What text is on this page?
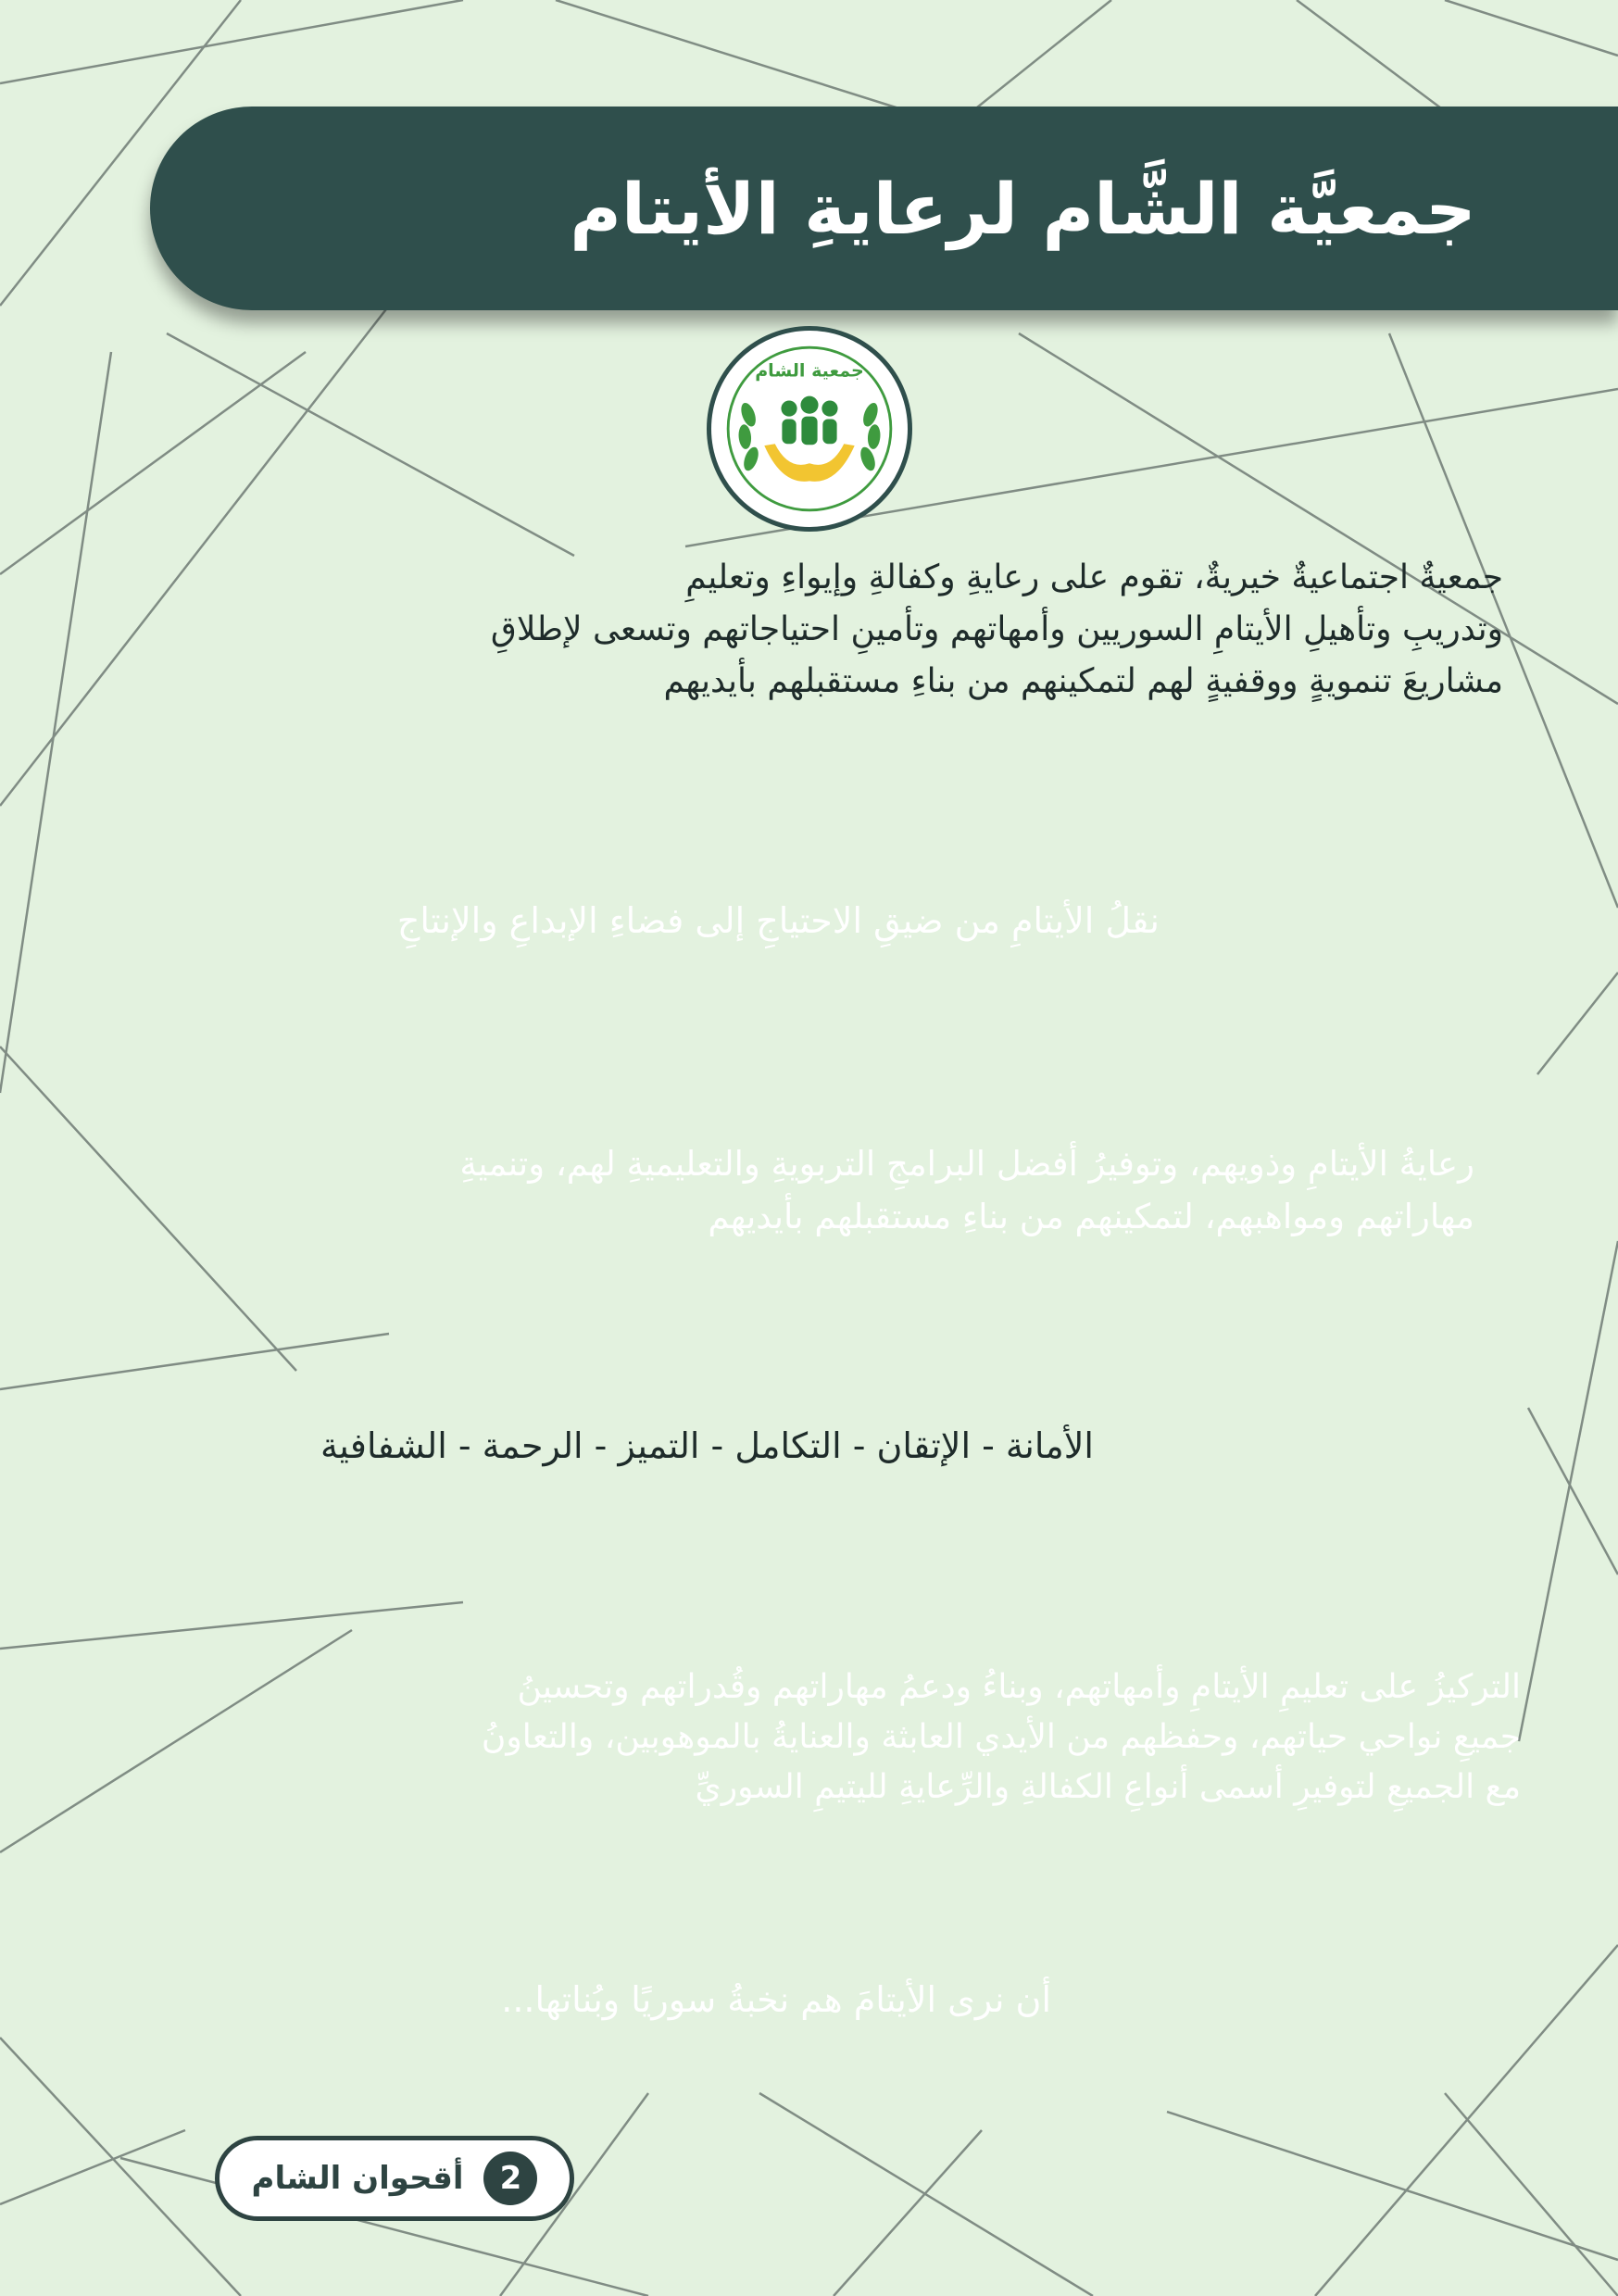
جمعيَّة الشَّام لرعايةِ الأيتام
جمعية الشام
جمعيةٌ اجتماعيةٌ خيريةٌ، تقوم على رعايةِ وكفالةِ وإيواءِ وتعليمِ
وتدريبِ وتأهيلِ الأيتامِ السوريين وأمهاتهم وتأمينِ احتياجاتهم وتسعى لإطلاقِ
مشاريعَ تنمويةٍ ووقفيةٍ لهم لتمكينهم من بناءِ مستقبلهم بأيديهم
نقلُ الأيتامِ من ضيقِ الاحتياجِ إلى فضاءِ الإبداعِ والإنتاجِ
رعايةُ الأيتامِ وذويهم، وتوفيرُ أفضل البرامجِ التربويةِ والتعليميةِ لهم، وتنميةِ
مهاراتهم ومواهبهم، لتمكينهم من بناءِ مستقبلهم بأيديهم
الأمانة - الإتقان - التكامل - التميز - الرحمة - الشفافية
التركيزُ على تعليمِ الأيتامِ وأمهاتهم، وبناءُ ودعمُ مهاراتهم وقُدراتهم وتحسينُ
جميعِ نواحي حياتهم، وحفظهم من الأيدي العابثة والعنايةُ بالموهوبين، والتعاونُ
مع الجميعِ لتوفيرِ أسمى أنواعِ الكفالةِ والرِّعايةِ لليتيمِ السوريِّ
أن نرى الأيتامَ هم نخبةُ سوريًا وبُناتها...
2
أقحوان الشام
